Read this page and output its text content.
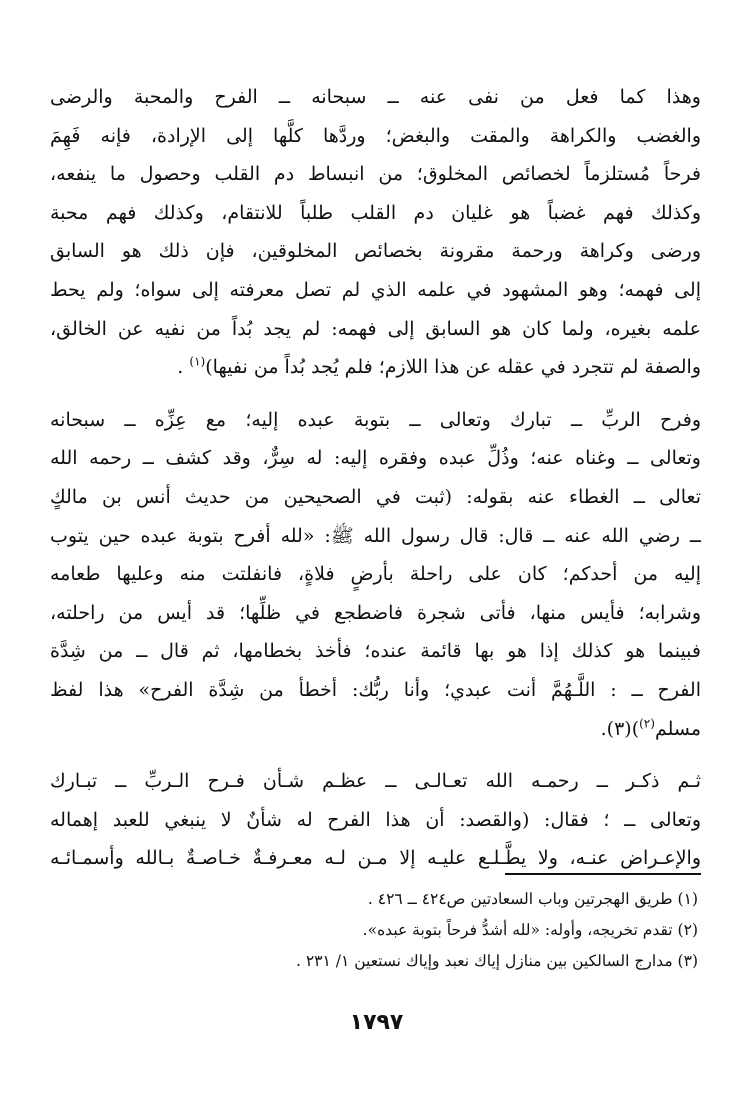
وهذا كما فعل من نفى عنه ــ سبحانه ــ الفرح والمحبة والرضى
والغضب والكراهة والمقت والبغض؛ وردَّها كلَّها إلى الإرادة، فإنه فَهِمَ
فرحاً مُستلزماً لخصائص المخلوق؛ من انبساط دم القلب وحصول ما ينفعه،
وكذلك فهم غضباً هو غليان دم القلب طلباً للانتقام، وكذلك فهم محبة
ورضى وكراهة ورحمة مقرونة بخصائص المخلوقين، فإن ذلك هو السابق
إلى فهمه؛ وهو المشهود في علمه الذي لم تصل معرفته إلى سواه؛ ولم يحط
علمه بغيره، ولما كان هو السابق إلى فهمه: لم يجد بُداً من نفيه عن الخالق،
والصفة لم تتجرد في عقله عن هذا اللازم؛ فلم يُجد بُداً من نفيها)$^{(١)}$ .

وفرح الربِّ ــ تبارك وتعالى ــ بتوبة عبده إليه؛ مع عِزِّه ــ سبحانه
وتعالى ــ وغناه عنه؛ وذُلِّ عبده وفقره إليه: له سِرٌّ، وقد كشف ــ رحمه الله
تعالى ــ الغطاء عنه بقوله: (ثبت في الصحيحين من حديث أنس بن مالكٍ
ــ رضي الله عنه ــ قال: قال رسول الله ﷺ: «لله أفرح بتوبة عبده حين يتوب
إليه من أحدكم؛ كان على راحلة بأرضٍ فلاةٍ، فانفلتت منه وعليها طعامه
وشرابه؛ فأيس منها، فأتى شجرة فاضطجع في ظلِّها؛ قد أيس من راحلته،
فبينما هو كذلك إذا هو بها قائمة عنده؛ فأخذ بخطامها، ثم قال ــ من شِدَّة
الفرح ــ : اللَّـهُمَّ أنت عبدي؛ وأنا ربُّك: أخطأ من شِدَّة الفرح» هذا لفظ
مسلم$^{(٢)}$)(٣).

ثـم ذكـر ــ رحمـه الله تعـالـى ــ عظـم شـأن فـرح الـربِّ ــ تبـارك
وتعالى ــ ؛ فقال: (والقصد: أن هذا الفرح له شأنٌ لا ينبغي للعبد إهماله
والإعـراض عنـه، ولا يطَّـلـع عليـه إلا مـن لـه معـرفـةٌ خـاصـةٌ بـالله وأسمـائـه

(١) طريق الهجرتين وباب السعادتين ص٤٢٤ ــ ٤٢٦ .
(٢) تقدم تخريجه، وأوله: «لله أشدُّ فرحاً بتوبة عبده».
(٣) مدارج السالكين بين منازل إياك نعبد وإياك نستعين ١/ ٢٣١ .
١٧٩٧
